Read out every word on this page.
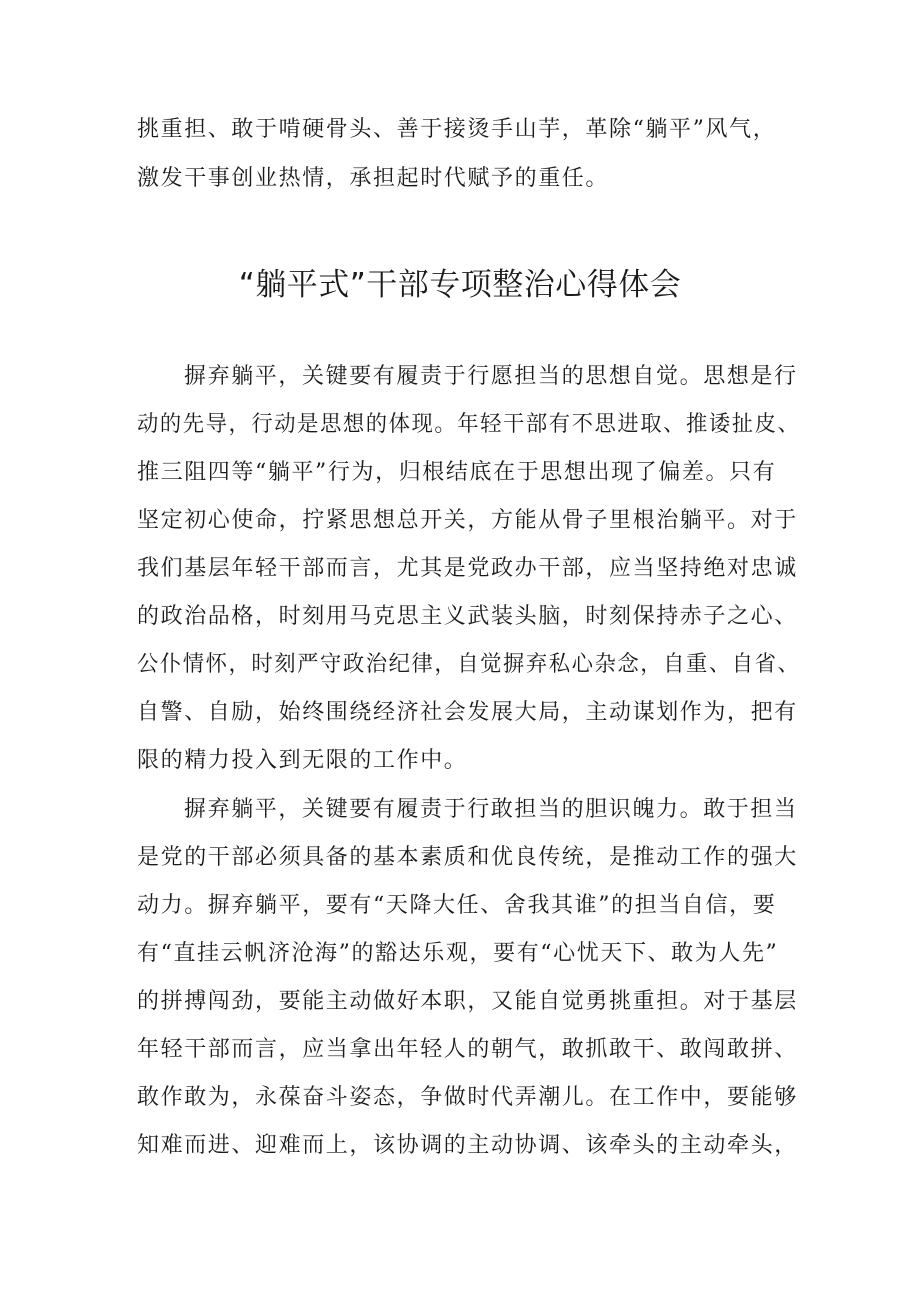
挑重担、敢于啃硬骨头、善于接烫手山芋，革除“躺平”风气，
激发干事创业热情，承担起时代赋予的重任。
“躺平式”干部专项整治心得体会
摒弃躺平，关键要有履责于行愿担当的思想自觉。思想是行
动的先导，行动是思想的体现。年轻干部有不思进取、推诿扯皮、
推三阻四等“躺平”行为，归根结底在于思想出现了偏差。只有
坚定初心使命，拧紧思想总开关，方能从骨子里根治躺平。对于
我们基层年轻干部而言，尤其是党政办干部，应当坚持绝对忠诚
的政治品格，时刻用马克思主义武装头脑，时刻保持赤子之心、
公仆情怀，时刻严守政治纪律，自觉摒弃私心杂念，自重、自省、
自警、自励，始终围绕经济社会发展大局，主动谋划作为，把有
限的精力投入到无限的工作中。
摒弃躺平，关键要有履责于行敢担当的胆识魄力。敢于担当
是党的干部必须具备的基本素质和优良传统，是推动工作的强大
动力。摒弃躺平，要有“天降大任、舍我其谁”的担当自信，要
有“直挂云帆济沧海”的豁达乐观，要有“心忧天下、敢为人先”
的拼搏闯劲，要能主动做好本职，又能自觉勇挑重担。对于基层
年轻干部而言，应当拿出年轻人的朝气，敢抓敢干、敢闯敢拼、
敢作敢为，永葆奋斗姿态，争做时代弄潮儿。在工作中，要能够
知难而进、迎难而上，该协调的主动协调、该牵头的主动牵头，
